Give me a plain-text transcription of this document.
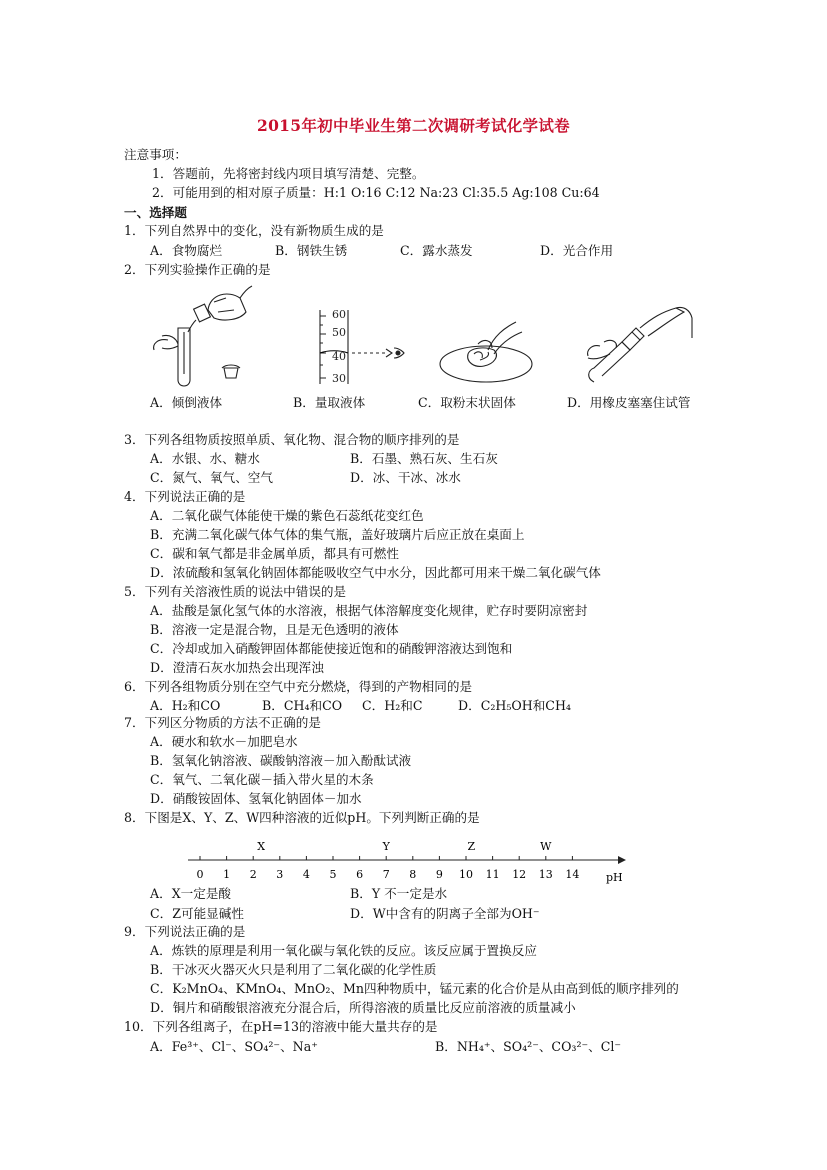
2015年初中毕业生第二次调研考试化学试卷
注意事项：
1．答题前，先将密封线内项目填写清楚、完整。
2．可能用到的相对原子质量：H:1 O:16 C:12 Na:23 Cl:35.5 Ag:108 Cu:64
一、选择题
1．下列自然界中的变化，没有新物质生成的是
A．食物腐烂	B．钢铁生锈	C．露水蒸发	D．光合作用
2．下列实验操作正确的是
60
50
40
30
A．倾倒液体	B．量取液体	C．取粉末状固体	D．用橡皮塞塞住试管
3．下列各组物质按照单质、氧化物、混合物的顺序排列的是
A．水银、水、糖水	B．石墨、熟石灰、生石灰
C．氮气、氧气、空气	D．冰、干冰、冰水
4．下列说法正确的是
A．二氧化碳气体能使干燥的紫色石蕊纸花变红色
B．充满二氧化碳气体气体的集气瓶，盖好玻璃片后应正放在桌面上
C．碳和氧气都是非金属单质，都具有可燃性
D．浓硫酸和氢氧化钠固体都能吸收空气中水分，因此都可用来干燥二氧化碳气体
5．下列有关溶液性质的说法中错误的是
A．盐酸是氯化氢气体的水溶液，根据气体溶解度变化规律，贮存时要阴凉密封
B．溶液一定是混合物，且是无色透明的液体
C．冷却或加入硝酸钾固体都能使接近饱和的硝酸钾溶液达到饱和
D．澄清石灰水加热会出现浑浊
6．下列各组物质分别在空气中充分燃烧，得到的产物相同的是
A．H₂和CO	B．CH₄和CO C．H₂和C	D．C₂H₅OH和CH₄
7．下列区分物质的方法不正确的是
A．硬水和软水－加肥皂水
B．氢氧化钠溶液、碳酸钠溶液－加入酚酞试液
C．氧气、二氧化碳－插入带火星的木条
D．硝酸铵固体、氢氧化钠固体－加水
8．下图是X、Y、Z、W四种溶液的近似pH。下列判断正确的是
0 1 2 3 4 5 6 7 8 9 10 11 12 13 14
X	Y	Z	W
pH
A．X一定是酸	B．Y 不一定是水
C．Z可能显碱性	D．W中含有的阴离子全部为OH⁻
9．下列说法正确的是
A．炼铁的原理是利用一氧化碳与氧化铁的反应。该反应属于置换反应
B．干冰灭火器灭火只是利用了二氧化碳的化学性质
C．K₂MnO₄、KMnO₄、MnO₂、Mn四种物质中，锰元素的化合价是从由高到低的顺序排列的
D．铜片和硝酸银溶液充分混合后，所得溶液的质量比反应前溶液的质量减小
10．下列各组离子，在pH=13的溶液中能大量共存的是
A．Fe³⁺、Cl⁻、SO₄²⁻、Na⁺	B．NH₄⁺、SO₄²⁻、CO₃²⁻、Cl⁻
